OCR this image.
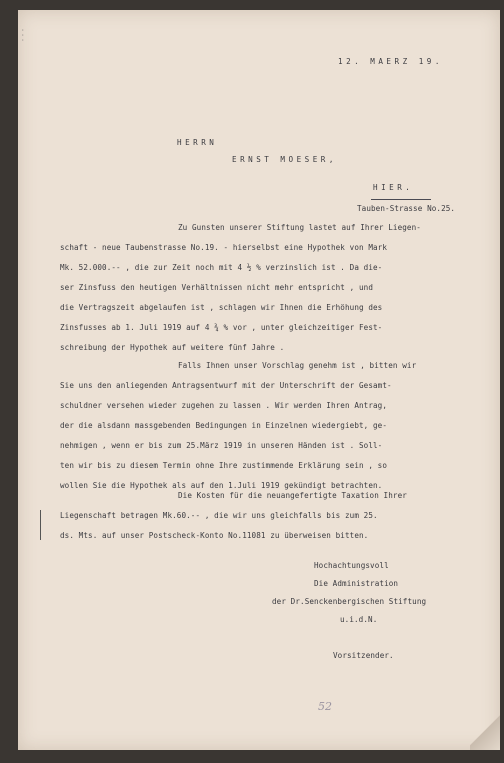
·
·
·
12. MAERZ 19.
HERRN
ERNST MOESER,
HIER.
Tauben-Strasse No.25.
Zu Gunsten unserer Stiftung lastet auf Ihrer Liegen-
schaft - neue Taubenstrasse No.19. - hierselbst eine Hypothek von Mark
Mk. 52.000.-- , die zur Zeit noch mit 4 ½ % verzinslich ist . Da die-
ser Zinsfuss den heutigen Verhältnissen nicht mehr entspricht , und
die Vertragszeit abgelaufen ist , schlagen wir Ihnen die Erhöhung des
Zinsfusses ab 1. Juli 1919 auf 4 ¾ % vor , unter gleichzeitiger Fest-
schreibung der Hypothek auf weitere fünf Jahre .
Falls Ihnen unser Vorschlag genehm ist , bitten wir
Sie uns den anliegenden Antragsentwurf mit der Unterschrift der Gesamt-
schuldner versehen wieder zugehen zu lassen . Wir werden Ihren Antrag,
der die alsdann massgebenden Bedingungen in Einzelnen wiedergiebt, ge-
nehmigen , wenn er bis zum 25.März 1919 in unseren Händen ist . Soll-
ten wir bis zu diesem Termin ohne Ihre zustimmende Erklärung sein , so
wollen Sie die Hypothek als auf den 1.Juli 1919 gekündigt betrachten.
Die Kosten für die neuangefertigte Taxation Ihrer
Liegenschaft betragen Mk.60.-- , die wir uns gleichfalls bis zum 25.
ds. Mts. auf unser Postscheck-Konto No.11081 zu überweisen bitten.
Hochachtungsvoll
Die Administration
der Dr.Senckenbergischen Stiftung
u.i.d.N.
Vorsitzender.
52
